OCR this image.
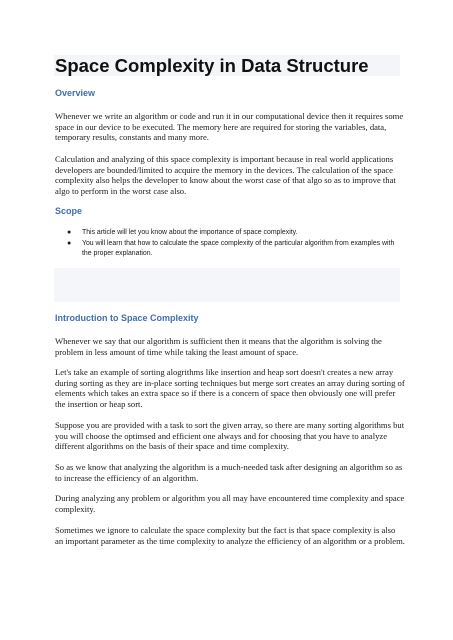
Space Complexity in Data Structure
Overview

Whenever we write an algorithm or code and run it in our computational device then it requires some space in our device to be executed. The memory here are required for storing the variables, data, temporary results, constants and many more.

Calculation and analyzing of this space complexity is important because in real world applications developers are bounded/limited to acquire the memory in the devices. The calculation of the space complexity also helps the developer to know about the worst case of that algo so as to improve that algo to perform in the worst case also.

Scope
● This article will let you know about the importance of space complexity.
● You will learn that how to calculate the space complexity of the particular algorithm from examples with the proper explanation.
Introduction to Space Complexity

Whenever we say that our algorithm is sufficient then it means that the algorithm is solving the problem in less amount of time while taking the least amount of space.

Let's take an example of sorting alogrithms like insertion and heap sort doesn't creates a new array during sorting as they are in-place sorting techniques but merge sort creates an array during sorting of elements which takes an extra space so if there is a concern of space then obviously one will prefer the insertion or heap sort.

Suppose you are provided with a task to sort the given array, so there are many sorting algorithms but you will choose the optimsed and efficient one always and for choosing that you have to analyze different algorithms on the basis of their space and time complexity.

So as we know that analyzing the algorithm is a much-needed task after designing an algorithm so as to increase the efficiency of an algorithm.

During analyzing any problem or algorithm you all may have encountered time complexity and space complexity.

Sometimes we ignore to calculate the space complexity but the fact is that space complexity is also an important parameter as the time complexity to analyze the efficiency of an algorithm or a problem.
